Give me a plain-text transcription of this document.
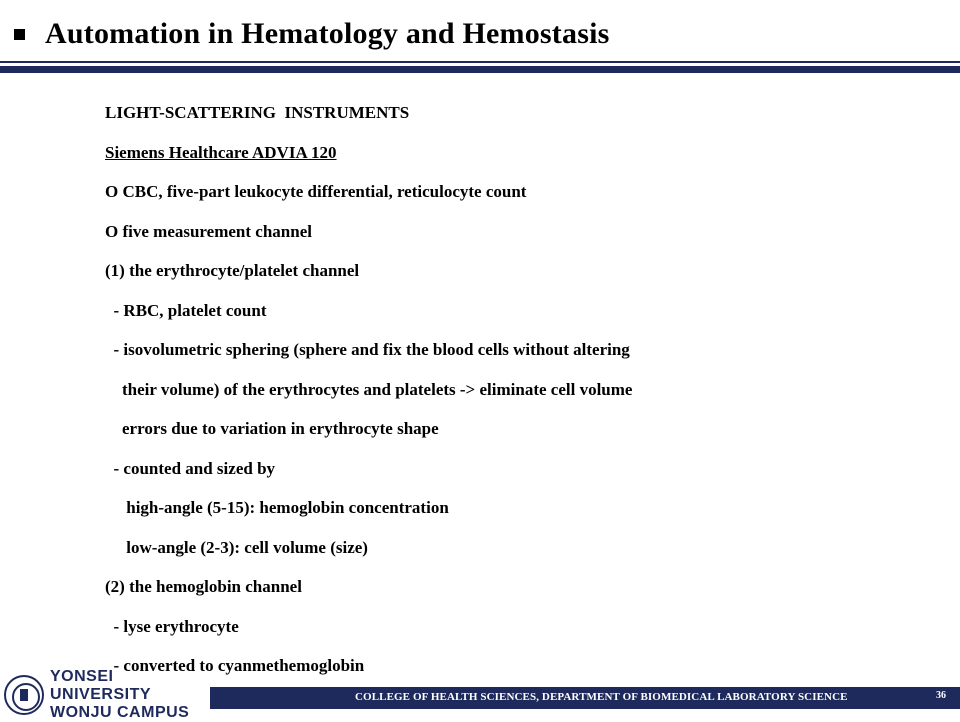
Automation in Hematology and Hemostasis
LIGHT-SCATTERING  INSTRUMENTS
Siemens Healthcare ADVIA 120
O CBC, five-part leukocyte differential, reticulocyte count
O five measurement channel
(1) the erythrocyte/platelet channel
- RBC, platelet count
- isovolumetric sphering (sphere and fix the blood cells without altering
their volume) of the erythrocytes and platelets -> eliminate cell volume
errors due to variation in erythrocyte shape
- counted and sized by
high-angle (5-15): hemoglobin concentration
low-angle (2-3): cell volume (size)
(2) the hemoglobin channel
- lyse erythrocyte
- converted to cyanmethemoglobin
YONSEI UNIVERSITY
WONJU CAMPUS
COLLEGE OF HEALTH SCIENCES, DEPARTMENT OF BIOMEDICAL LABORATORY SCIENCE	36
